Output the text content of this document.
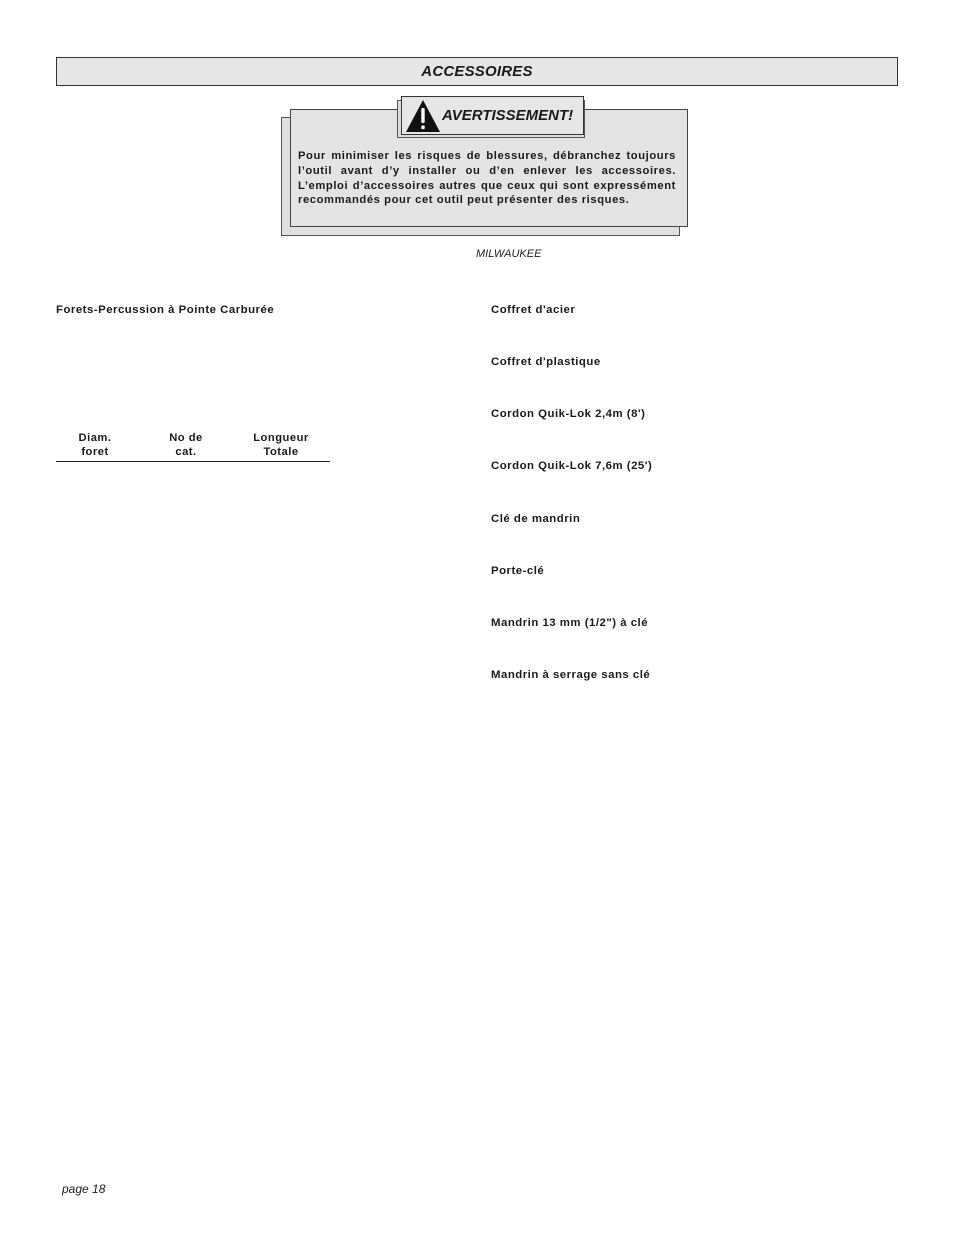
ACCESSOIRES
AVERTISSEMENT!
Pour minimiser les risques de blessures, débranchez toujours l’outil avant d’y installer ou d’en enlever les accessoires. L’emploi d’accessoires autres que ceux qui sont expressément recommandés pour cet outil peut présenter des risques.
MILWAUKEE
Forets-Percussion à Pointe Carburée
Diam.
foret
No de
cat.
Longueur
Totale
Coffret d'acier
Coffret d'plastique
Cordon Quik-Lok 2,4m (8')
Cordon Quik-Lok 7,6m (25')
Clé de mandrin
Porte-clé
Mandrin 13 mm (1/2") à clé
Mandrin à serrage sans clé
page 18
